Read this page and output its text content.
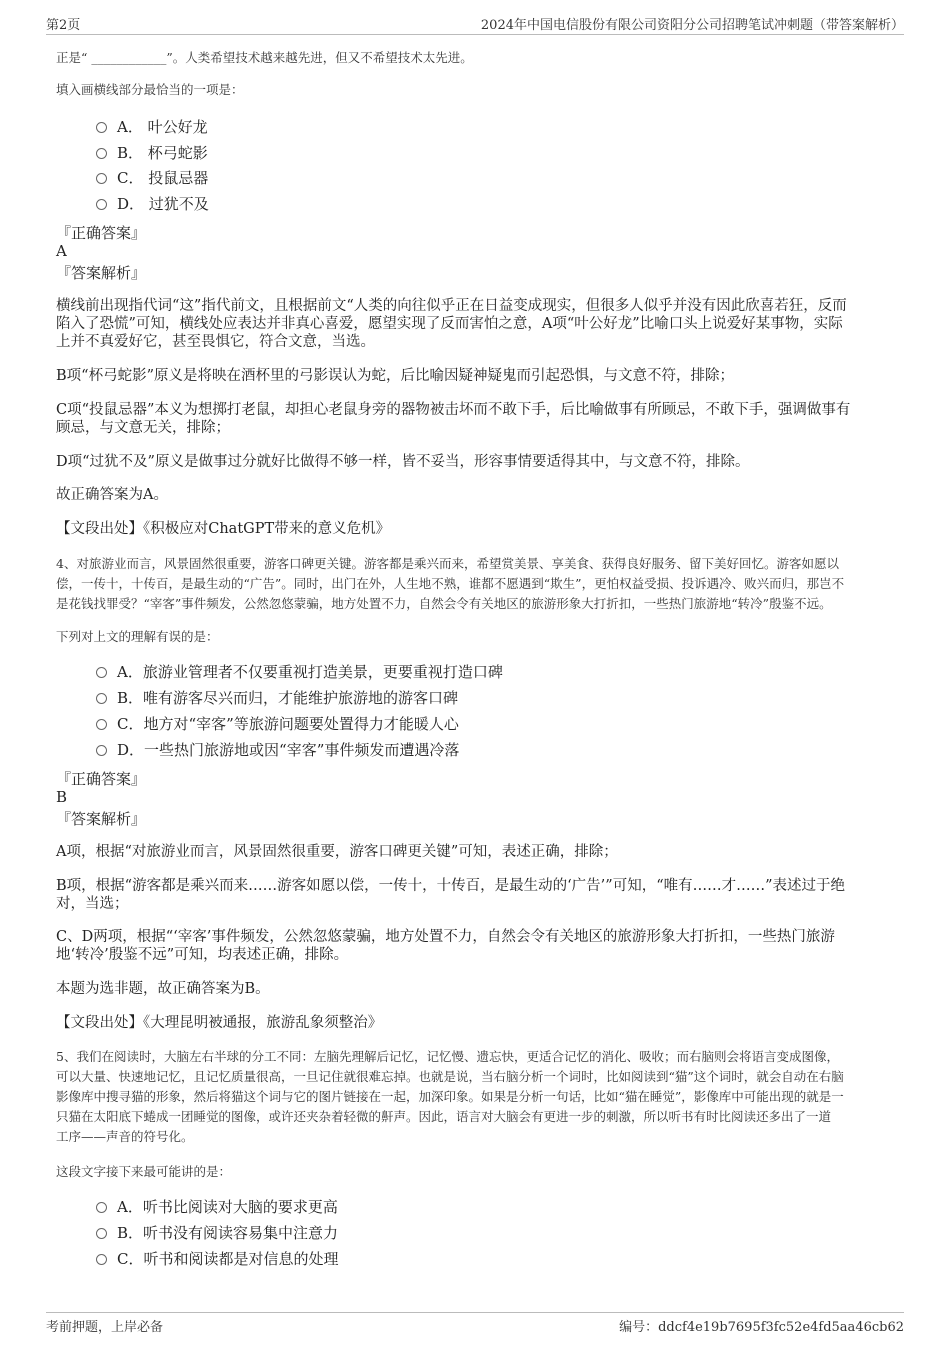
第2页	2024年中国电信股份有限公司资阳分公司招聘笔试冲刺题（带答案解析）
正是“ ____________”。人类希望技术越来越先进，但又不希望技术太先进。
填入画横线部分最恰当的一项是：
A． 叶公好龙
B． 杯弓蛇影
C． 投鼠忌器
D． 过犹不及
『正确答案』
A
『答案解析』
横线前出现指代词“这”指代前文，且根据前文“人类的向往似乎正在日益变成现实，但很多人似乎并没有因此欣喜若狂，反而
陷入了恐慌”可知，横线处应表达并非真心喜爱，愿望实现了反而害怕之意，A项“叶公好龙”比喻口头上说爱好某事物，实际
上并不真爱好它，甚至畏惧它，符合文意，当选。
B项“杯弓蛇影”原义是将映在酒杯里的弓影误认为蛇，后比喻因疑神疑鬼而引起恐惧，与文意不符，排除；
C项“投鼠忌器”本义为想掷打老鼠，却担心老鼠身旁的器物被击坏而不敢下手，后比喻做事有所顾忌，不敢下手，强调做事有
顾忌，与文意无关，排除；
D项“过犹不及”原义是做事过分就好比做得不够一样，皆不妥当，形容事情要适得其中，与文意不符，排除。
故正确答案为A。
【文段出处】《积极应对ChatGPT带来的意义危机》
4、对旅游业而言，风景固然很重要，游客口碑更关键。游客都是乘兴而来，希望赏美景、享美食、获得良好服务、留下美好回忆。游客如愿以
偿，一传十，十传百，是最生动的“广告”。同时，出门在外，人生地不熟，谁都不愿遇到“欺生”，更怕权益受损、投诉遇冷、败兴而归，那岂不
是花钱找罪受？“宰客”事件频发，公然忽悠蒙骗，地方处置不力，自然会令有关地区的旅游形象大打折扣，一些热门旅游地“转冷”殷鉴不远。
下列对上文的理解有误的是：
A．旅游业管理者不仅要重视打造美景，更要重视打造口碑
B．唯有游客尽兴而归，才能维护旅游地的游客口碑
C．地方对“宰客”等旅游问题要处置得力才能暖人心
D．一些热门旅游地或因“宰客”事件频发而遭遇冷落
『正确答案』
B
『答案解析』
A项，根据“对旅游业而言，风景固然很重要，游客口碑更关键”可知，表述正确，排除；
B项，根据“游客都是乘兴而来……游客如愿以偿，一传十，十传百，是最生动的‘广告’”可知，“唯有……才……”表述过于绝
对，当选；
C、D两项，根据“‘宰客’事件频发，公然忽悠蒙骗，地方处置不力，自然会令有关地区的旅游形象大打折扣，一些热门旅游
地‘转冷’殷鉴不远”可知，均表述正确，排除。
本题为选非题，故正确答案为B。
【文段出处】《大理昆明被通报，旅游乱象须整治》
5、我们在阅读时，大脑左右半球的分工不同：左脑先理解后记忆，记忆慢、遗忘快，更适合记忆的消化、吸收；而右脑则会将语言变成图像，
可以大量、快速地记忆，且记忆质量很高，一旦记住就很难忘掉。也就是说，当右脑分析一个词时，比如阅读到“猫”这个词时，就会自动在右脑
影像库中搜寻猫的形象，然后将猫这个词与它的图片链接在一起，加深印象。如果是分析一句话，比如“猫在睡觉”，影像库中可能出现的就是一
只猫在太阳底下蜷成一团睡觉的图像，或许还夹杂着轻微的鼾声。因此，语言对大脑会有更进一步的刺激，所以听书有时比阅读还多出了一道
工序——声音的符号化。
这段文字接下来最可能讲的是：
A．听书比阅读对大脑的要求更高
B．听书没有阅读容易集中注意力
C．听书和阅读都是对信息的处理
考前押题，上岸必备	编号：ddcf4e19b7695f3fc52e4fd5aa46cb62
